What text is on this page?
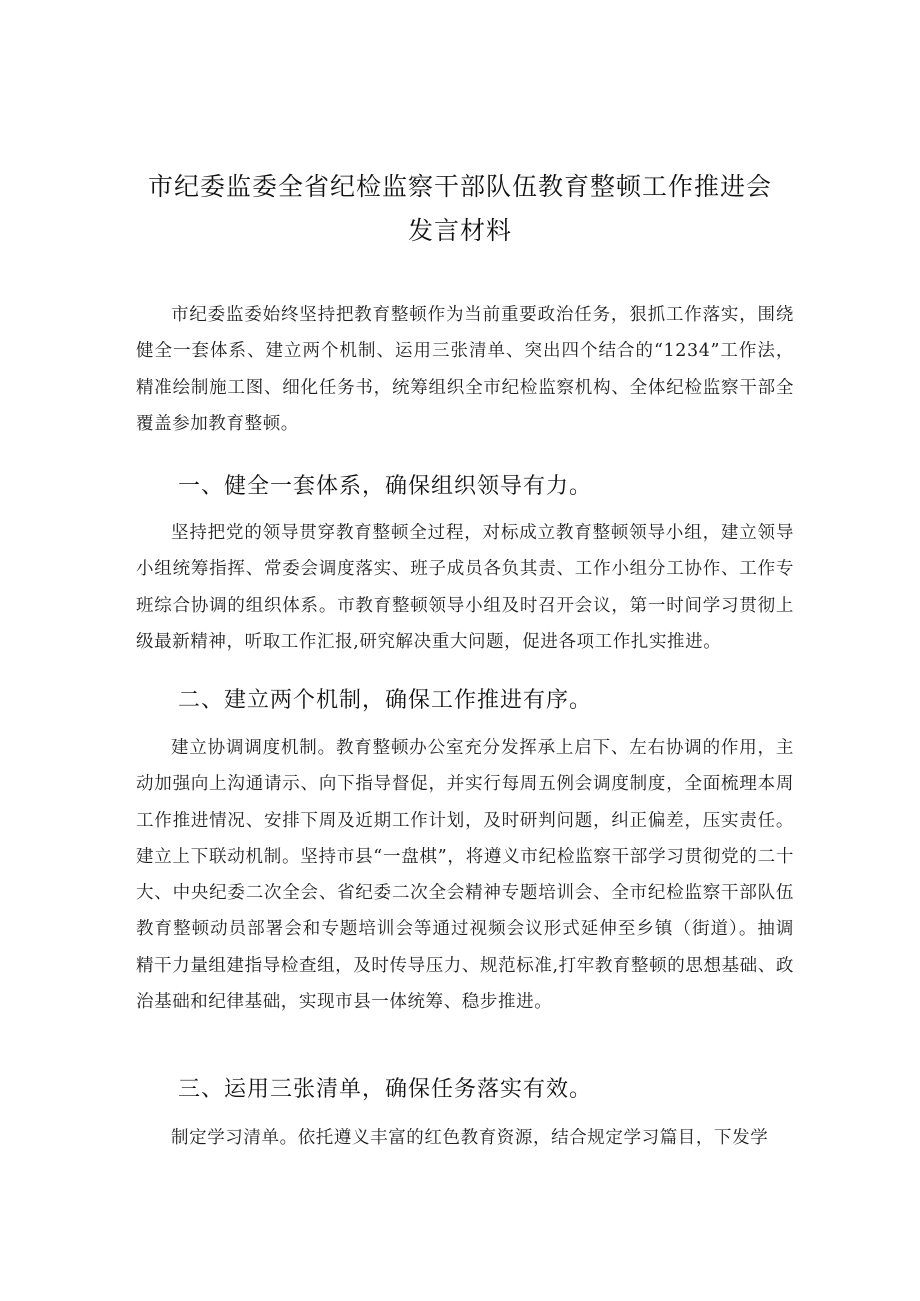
市纪委监委全省纪检监察干部队伍教育整顿工作推进会
发言材料
市纪委监委始终坚持把教育整顿作为当前重要政治任务，狠抓工作落实，围绕健全一套体系、建立两个机制、运用三张清单、突出四个结合的“1234”工作法，精准绘制施工图、细化任务书，统筹组织全市纪检监察机构、全体纪检监察干部全覆盖参加教育整顿。
一、健全一套体系，确保组织领导有力。
坚持把党的领导贯穿教育整顿全过程，对标成立教育整顿领导小组，建立领导小组统筹指挥、常委会调度落实、班子成员各负其责、工作小组分工协作、工作专班综合协调的组织体系。市教育整顿领导小组及时召开会议，第一时间学习贯彻上级最新精神，听取工作汇报,研究解决重大问题，促进各项工作扎实推进。
二、建立两个机制，确保工作推进有序。
建立协调调度机制。教育整顿办公室充分发挥承上启下、左右协调的作用，主动加强向上沟通请示、向下指导督促，并实行每周五例会调度制度，全面梳理本周工作推进情况、安排下周及近期工作计划，及时研判问题，纠正偏差，压实责任。建立上下联动机制。坚持市县“一盘棋”，将遵义市纪检监察干部学习贯彻党的二十大、中央纪委二次全会、省纪委二次全会精神专题培训会、全市纪检监察干部队伍教育整顿动员部署会和专题培训会等通过视频会议形式延伸至乡镇（街道）。抽调精干力量组建指导检查组，及时传导压力、规范标准,打牢教育整顿的思想基础、政治基础和纪律基础，实现市县一体统筹、稳步推进。
三、运用三张清单，确保任务落实有效。
制定学习清单。依托遵义丰富的红色教育资源，结合规定学习篇目，下发学
